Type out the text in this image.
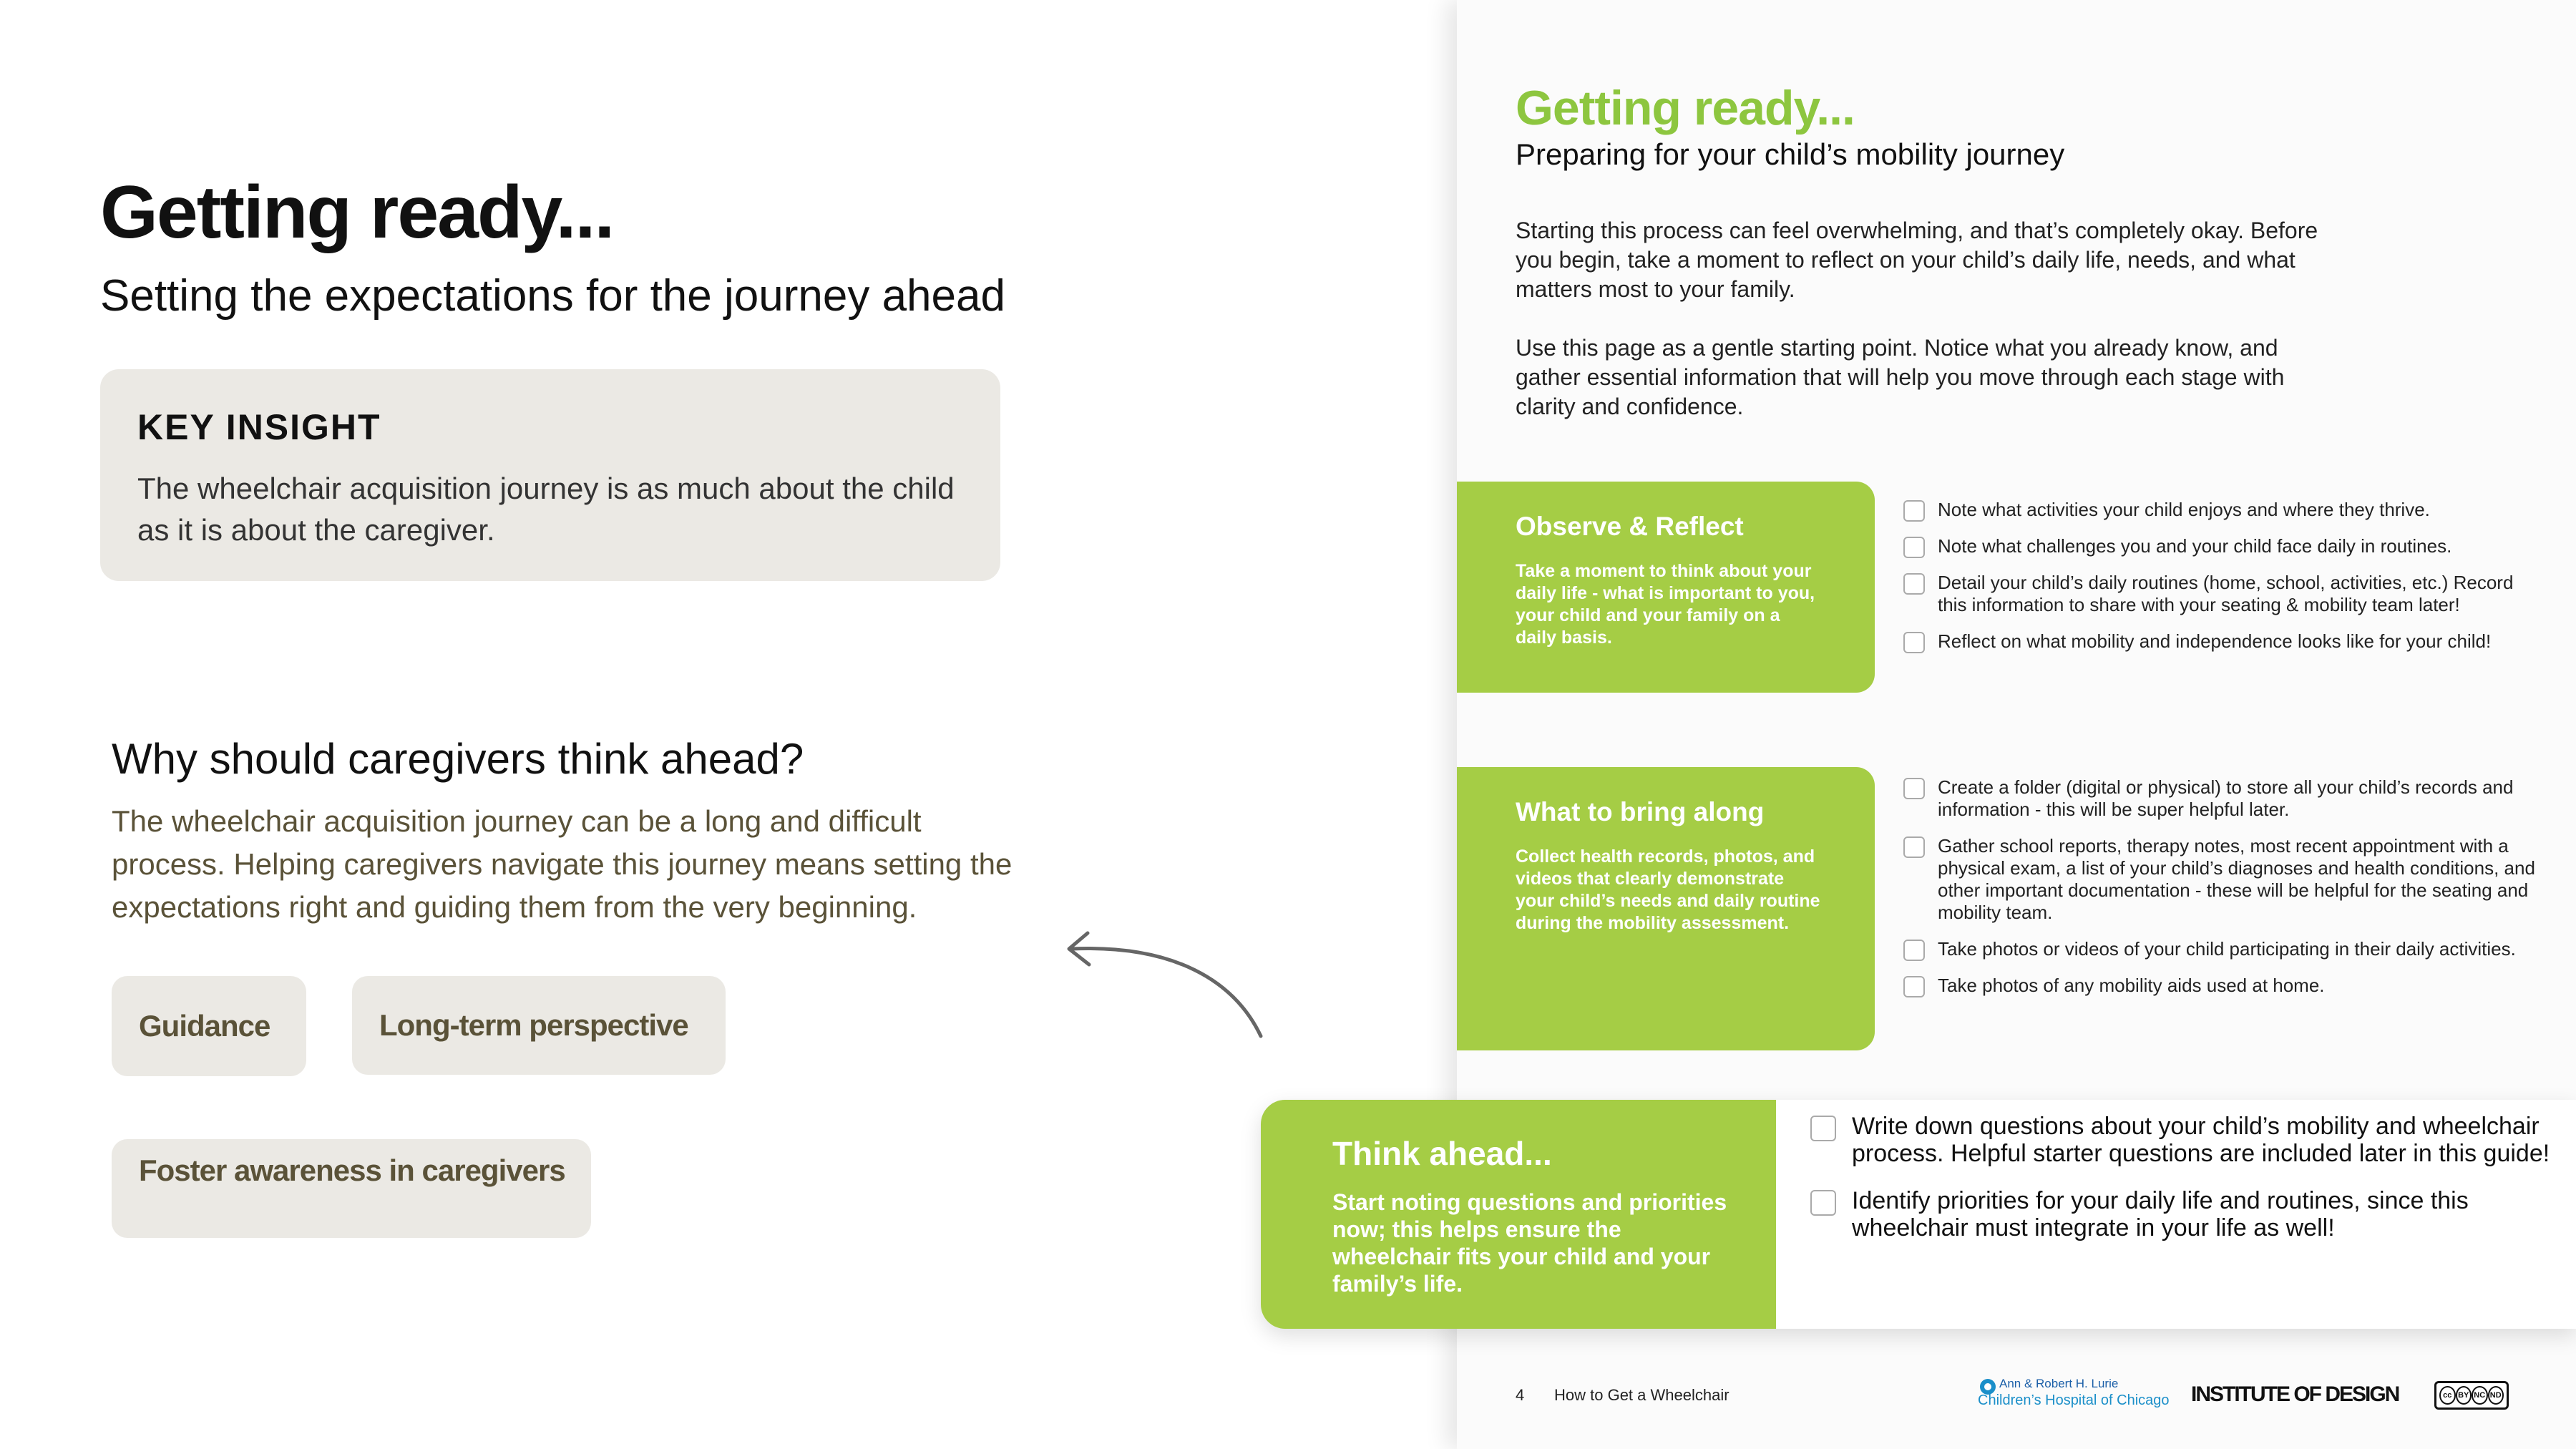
Getting ready...
Setting the expectations for the journey ahead
KEY INSIGHT
The wheelchair acquisition journey is as much about the child as it is about the caregiver.
Why should caregivers think ahead?
The wheelchair acquisition journey can be a long and difficult process. Helping caregivers navigate this journey means setting the expectations right and guiding them from the very beginning.
Guidance	Long-term perspective
Foster awareness in caregivers
Getting ready...
Preparing for your child’s mobility journey
Starting this process can feel overwhelming, and that’s completely okay. Before you begin, take a moment to reflect on your child’s daily life, needs, and what matters most to your family.
Use this page as a gentle starting point. Notice what you already know, and gather essential information that will help you move through each stage with clarity and confidence.
Observe & Reflect
Take a moment to think about your daily life - what is important to you, your child and your family on a daily basis.
Note what activities your child enjoys and where they thrive.
Note what challenges you and your child face daily in routines.
Detail your child’s daily routines (home, school, activities, etc.) Record this information to share with your seating & mobility team later!
Reflect on what mobility and independence looks like for your child!
What to bring along
Collect health records, photos, and videos that clearly demonstrate your child’s needs and daily routine during the mobility assessment.
Create a folder (digital or physical) to store all your child’s records and information - this will be super helpful later.
Gather school reports, therapy notes, most recent appointment with a physical exam, a list of your child’s diagnoses and health conditions, and other important documentation - these will be helpful for the seating and mobility team.
Take photos or videos of your child participating in their daily activities.
Take photos of any mobility aids used at home.
4 How to Get a Wheelchair
Ann & Robert H. Lurie
Children’s Hospital of Chicago INSTITUTE OF DESIGN	cc BY NC ND
Think ahead...
Start noting questions and priorities now; this helps ensure the wheelchair fits your child and your family’s life.
Write down questions about your child’s mobility and wheelchair process. Helpful starter questions are included later in this guide!
Identify priorities for your daily life and routines, since this wheelchair must integrate in your life as well!
